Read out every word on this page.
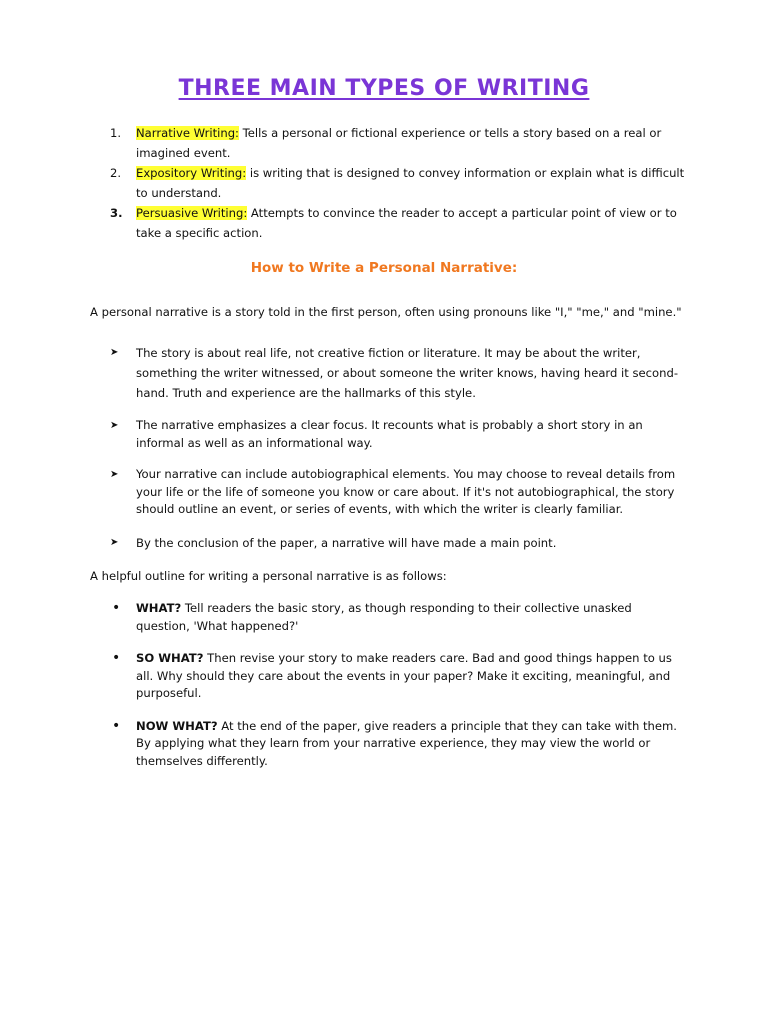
THREE MAIN TYPES OF WRITING
1. Narrative Writing: Tells a personal or fictional experience or tells a story based on a real or imagined event.
2. Expository Writing: is writing that is designed to convey information or explain what is difficult to understand.
3. Persuasive Writing: Attempts to convince the reader to accept a particular point of view or to take a specific action.
How to Write a Personal Narrative:
A personal narrative is a story told in the first person, often using pronouns like "I," "me," and "mine."
➤ The story is about real life, not creative fiction or literature. It may be about the writer, something the writer witnessed, or about someone the writer knows, having heard it second-hand. Truth and experience are the hallmarks of this style.
➤ The narrative emphasizes a clear focus. It recounts what is probably a short story in an informal as well as an informational way.
➤ Your narrative can include autobiographical elements. You may choose to reveal details from your life or the life of someone you know or care about. If it's not autobiographical, the story should outline an event, or series of events, with which the writer is clearly familiar.
➤ By the conclusion of the paper, a narrative will have made a main point.
A helpful outline for writing a personal narrative is as follows:
• WHAT? Tell readers the basic story, as though responding to their collective unasked question, 'What happened?'
• SO WHAT? Then revise your story to make readers care. Bad and good things happen to us all. Why should they care about the events in your paper? Make it exciting, meaningful, and purposeful.
• NOW WHAT? At the end of the paper, give readers a principle that they can take with them. By applying what they learn from your narrative experience, they may view the world or themselves differently.
